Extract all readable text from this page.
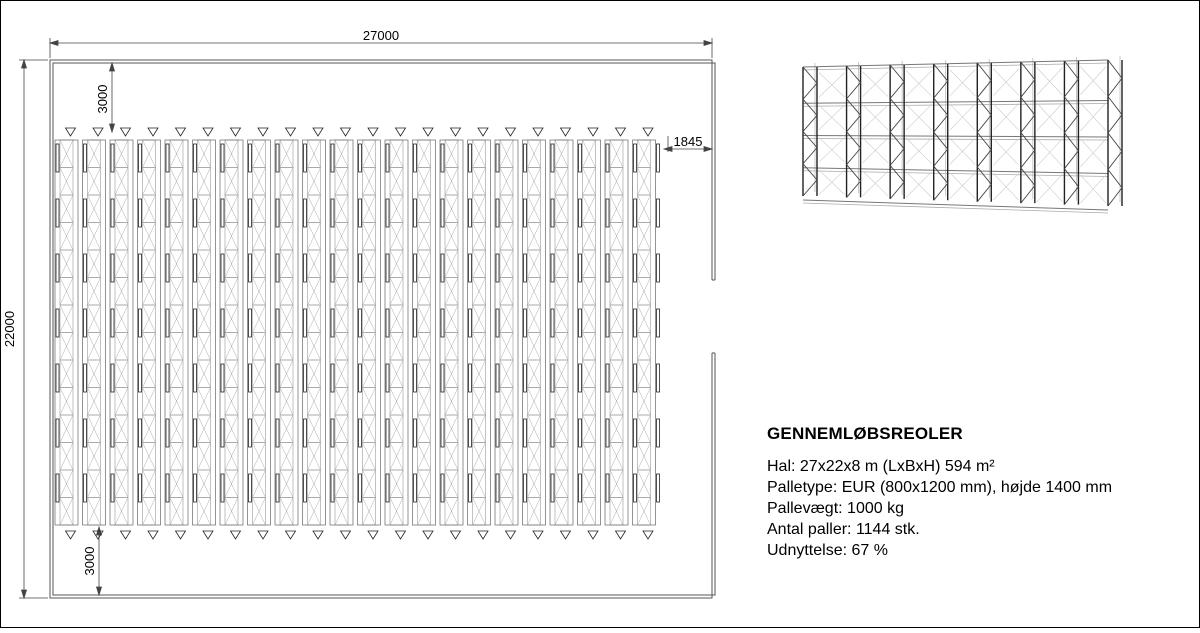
27000
22000
3000
3000
1845
GENNEMLØBSREOLER
Hal: 27x22x8 m (LxBxH) 594 m²
Palletype: EUR (800x1200 mm), højde 1400 mm
Pallevægt: 1000 kg
Antal paller: 1144 stk.
Udnyttelse: 67 %
